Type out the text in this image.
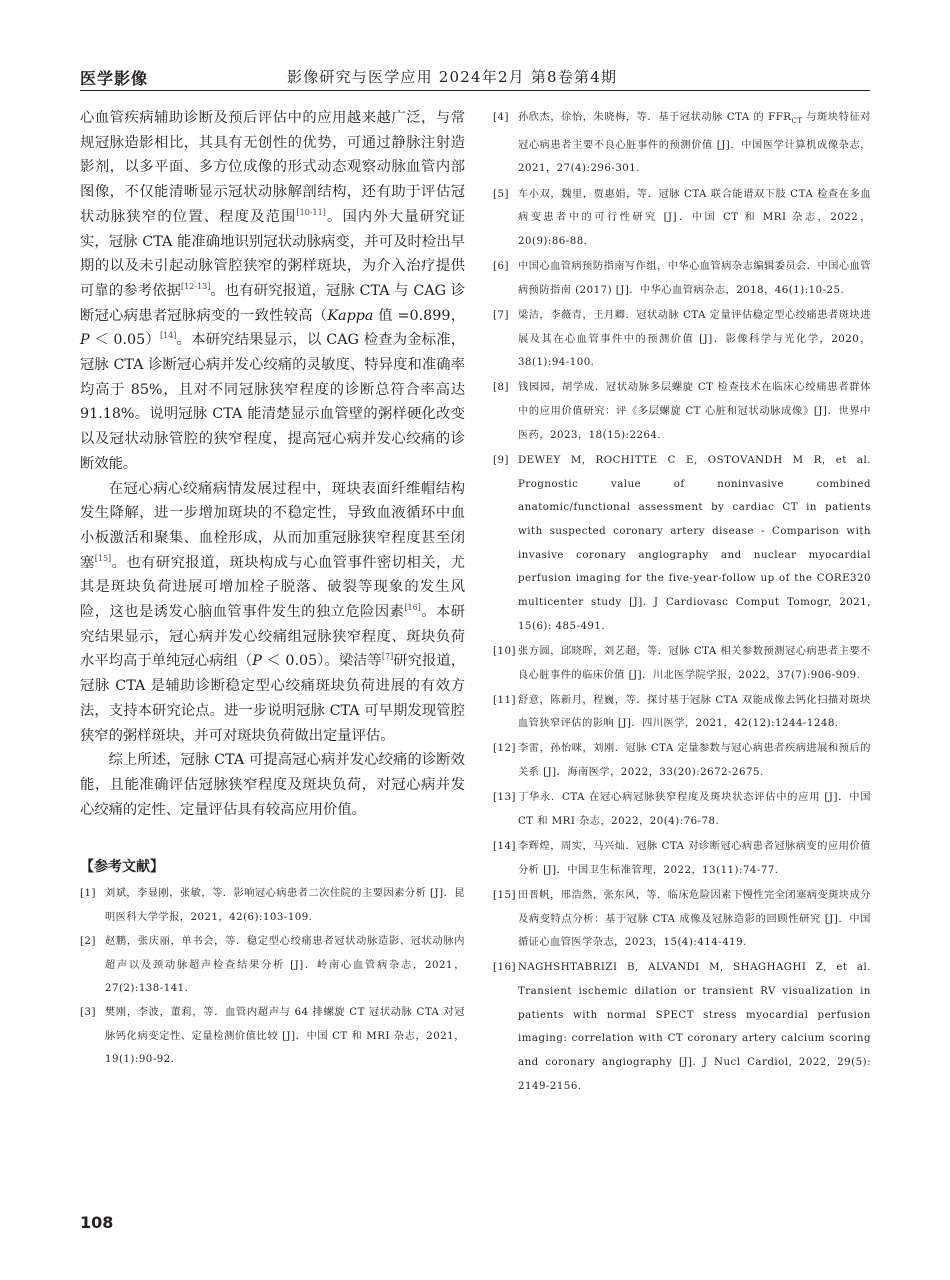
医学影像	影像研究与医学应用 2024年2月 第8卷第4期

心血管疾病辅助诊断及预后评估中的应用越来越广泛，与常规冠脉造影相比，其具有无创性的优势，可通过静脉注射造影剂，以多平面、多方位成像的形式动态观察动脉血管内部图像，不仅能清晰显示冠状动脉解剖结构，还有助于评估冠状动脉狭窄的位置、程度及范围[10-11]。国内外大量研究证实，冠脉 CTA 能准确地识别冠状动脉病变，并可及时检出早期的以及未引起动脉管腔狭窄的粥样斑块，为介入治疗提供可靠的参考依据[12-13]。也有研究报道，冠脉 CTA 与 CAG 诊断冠心病患者冠脉病变的一致性较高（Kappa 值 =0.899，P ＜ 0.05）[14]。本研究结果显示，以 CAG 检查为金标准，冠脉 CTA 诊断冠心病并发心绞痛的灵敏度、特异度和准确率均高于 85%，且对不同冠脉狭窄程度的诊断总符合率高达 91.18%。说明冠脉 CTA 能清楚显示血管壁的粥样硬化改变以及冠状动脉管腔的狭窄程度，提高冠心病并发心绞痛的诊断效能。

在冠心病心绞痛病情发展过程中，斑块表面纤维帽结构发生降解，进一步增加斑块的不稳定性，导致血液循环中血小板激活和聚集、血栓形成，从而加重冠脉狭窄程度甚至闭塞[15]。也有研究报道，斑块构成与心血管事件密切相关，尤其是斑块负荷进展可增加栓子脱落、破裂等现象的发生风险，这也是诱发心脑血管事件发生的独立危险因素[16]。本研究结果显示，冠心病并发心绞痛组冠脉狭窄程度、斑块负荷水平均高于单纯冠心病组（P ＜ 0.05）。梁洁等[7]研究报道，冠脉 CTA 是辅助诊断稳定型心绞痛斑块负荷进展的有效方法，支持本研究论点。进一步说明冠脉 CTA 可早期发现管腔狭窄的粥样斑块，并可对斑块负荷做出定量评估。

综上所述，冠脉 CTA 可提高冠心病并发心绞痛的诊断效能，且能准确评估冠脉狭窄程度及斑块负荷，对冠心病并发心绞痛的定性、定量评估具有较高应用价值。

【参考文献】
[1] 刘斌，李显刚，张敏，等．影响冠心病患者二次住院的主要因素分析 [J]．昆明医科大学学报，2021，42(6):103-109.
[2] 赵鹏，张庆丽，单书会，等．稳定型心绞痛患者冠状动脉造影、冠状动脉内超声以及颈动脉超声检查结果分析 [J]．岭南心血管病杂志，2021，27(2):138-141.
[3] 樊刚，李波，董莉，等．血管内超声与 64 排螺旋 CT 冠状动脉 CTA 对冠脉钙化病变定性、定量检测价值比较 [J]．中国 CT 和 MRI 杂志，2021，19(1):90-92.
[4] 孙欣杰，徐怡，朱晓梅，等．基于冠状动脉 CTA 的 $FFR_{CT}$ 与斑块特征对冠心病患者主要不良心脏事件的预测价值 [J]．中国医学计算机成像杂志，2021，27(4):296-301.
[5] 车小双，魏里，贾惠娟，等．冠脉 CTA 联合能谱双下肢 CTA 检查在多血病变患者中的可行性研究 [J]．中国 CT 和 MRI 杂志，2022，20(9):86-88.
[6] 中国心血管病预防指南写作组，中华心血管病杂志编辑委员会．中国心血管病预防指南 (2017) [J]．中华心血管病杂志，2018，46(1):10-25.
[7] 梁洁，李薇青，王月卿．冠状动脉 CTA 定量评估稳定型心绞痛患者斑块进展及其在心血管事件中的预测价值 [J]．影像科学与光化学，2020，38(1):94-100.
[8] 钱园园，胡学成．冠状动脉多层螺旋 CT 检查技术在临床心绞痛患者群体中的应用价值研究：评《多层螺旋 CT 心脏和冠状动脉成像》[J]．世界中医药，2023，18(15):2264.
[9] DEWEY M, ROCHITTE C E, OSTOVANDH M R, et al. Prognostic value of noninvasive combined anatomic/functional assessment by cardiac CT in patients with suspected coronary artery disease - Comparison with invasive coronary angiography and nuclear myocardial perfusion imaging for the five-year-follow up of the CORE320 multicenter study [J]. J Cardiovasc Comput Tomogr, 2021, 15(6): 485-491.
[10] 张方圆，邱晓晖，刘艺超，等．冠脉 CTA 相关参数预测冠心病患者主要不良心脏事件的临床价值 [J]．川北医学院学报，2022，37(7):906-909.
[11] 舒意，陈新月，程巍，等．探讨基于冠脉 CTA 双能成像去钙化扫描对斑块血管狭窄评估的影响 [J]．四川医学，2021，42(12):1244-1248.
[12] 李雷，孙怡咪，刘刚．冠脉 CTA 定量参数与冠心病患者疾病进展和预后的关系 [J]．海南医学，2022，33(20):2672-2675.
[13] 丁华永．CTA 在冠心病冠脉狭窄程度及斑块状态评估中的应用 [J]．中国 CT 和 MRI 杂志，2022，20(4):76-78.
[14] 李辉煌，周实，马兴灿．冠脉 CTA 对诊断冠心病患者冠脉病变的应用价值分析 [J]．中国卫生标准管理，2022，13(11):74-77.
[15] 田晋帆，邢浩然，张东风，等．临床危险因素下慢性完全闭塞病变斑块成分及病变特点分析：基于冠脉 CTA 成像及冠脉造影的回顾性研究 [J]．中国循证心血管医学杂志，2023，15(4):414-419.
[16] NAGHSHTABRIZI B, ALVANDI M, SHAGHAGHI Z, et al. Transient ischemic dilation or transient RV visualization in patients with normal SPECT stress myocardial perfusion imaging: correlation with CT coronary artery calcium scoring and coronary angiography [J]. J Nucl Cardiol, 2022, 29(5): 2149-2156.
108
